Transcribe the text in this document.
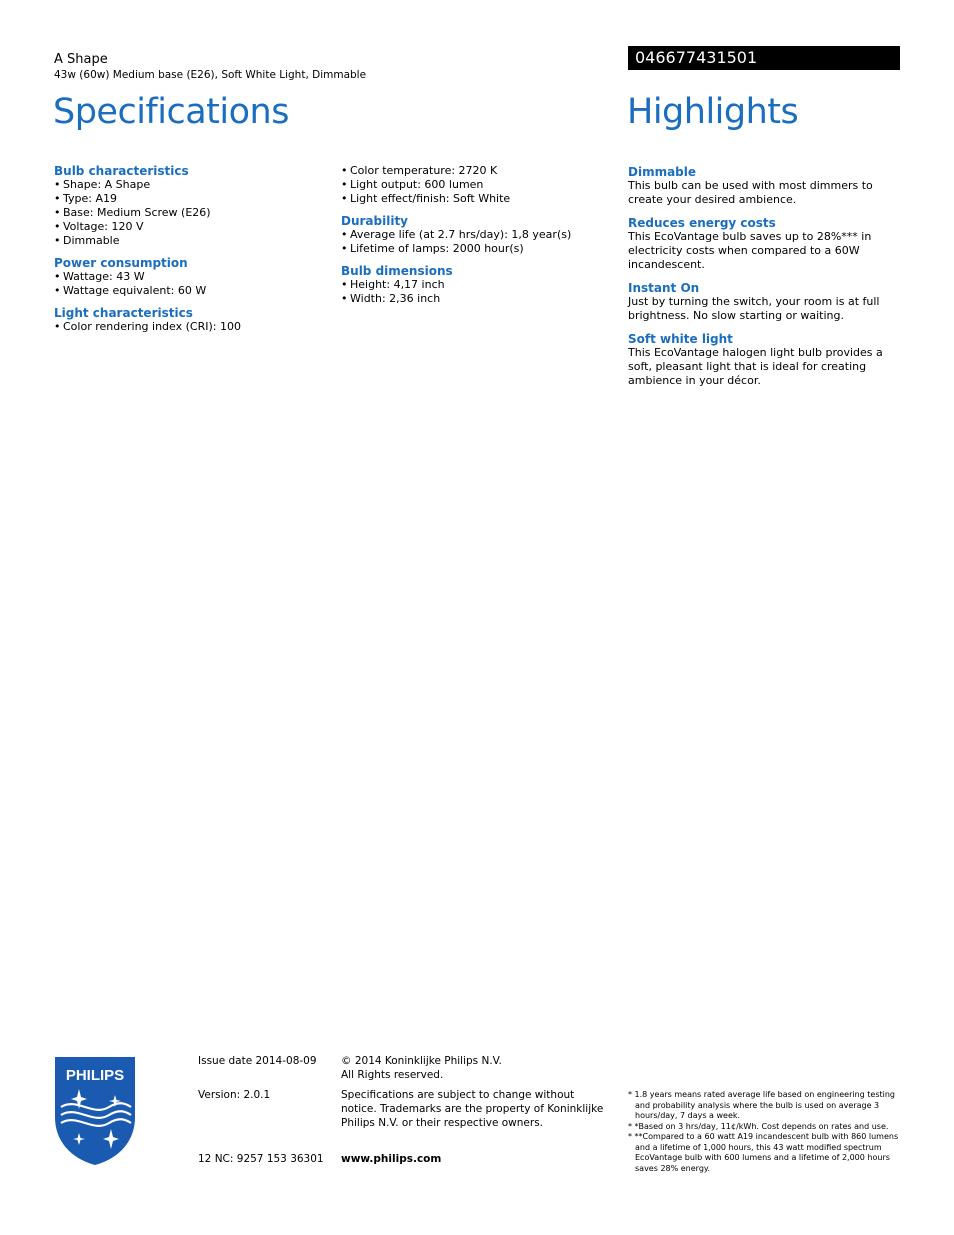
A Shape
43w (60w) Medium base (E26), Soft White Light, Dimmable
046677431501
Specifications	Highlights
Bulb characteristics
• Shape: A Shape
• Type: A19
• Base: Medium Screw (E26)
• Voltage: 120 V
• Dimmable
Power consumption
• Wattage: 43 W
• Wattage equivalent: 60 W
Light characteristics
• Color rendering index (CRI): 100
• Color temperature: 2720 K
• Light output: 600 lumen
• Light effect/finish: Soft White
Durability
• Average life (at 2.7 hrs/day): 1,8 year(s)
• Lifetime of lamps: 2000 hour(s)
Bulb dimensions
• Height: 4,17 inch
• Width: 2,36 inch
Dimmable

This bulb can be used with most dimmers to create your desired ambience.

Reduces energy costs

This EcoVantage bulb saves up to 28%*** in electricity costs when compared to a 60W incandescent.

Instant On

Just by turning the switch, your room is at full brightness. No slow starting or waiting.

Soft white light

This EcoVantage halogen light bulb provides a soft, pleasant light that is ideal for creating ambience in your décor.

PHILIPS
Issue date 2014-08-09
Version: 2.0.1
12 NC: 9257 153 36301
© 2014 Koninklijke Philips N.V.
All Rights reserved.
Specifications are subject to change without notice. Trademarks are the property of Koninklijke Philips N.V. or their respective owners.
www.philips.com

* 1.8 years means rated average life based on engineering testing and probability analysis where the bulb is used on average 3 hours/day, 7 days a week.

* *Based on 3 hrs/day, 11¢/kWh. Cost depends on rates and use.

* **Compared to a 60 watt A19 incandescent bulb with 860 lumens and a lifetime of 1,000 hours, this 43 watt modified spectrum EcoVantage bulb with 600 lumens and a lifetime of 2,000 hours saves 28% energy.
